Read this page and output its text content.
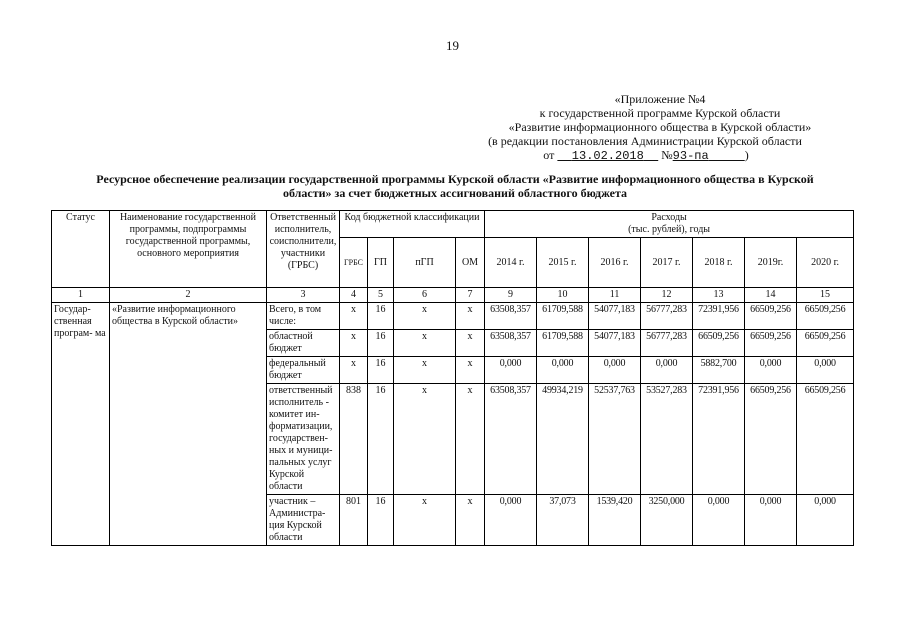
19
«Приложение №4
к государственной программе Курской области
«Развитие информационного общества в Курской области»
(в редакции постановления Администрации Курской области
от 13.02.2018 №93-па	)
Ресурсное обеспечение реализации государственной программы Курской области «Развитие информационного общества в Курской
области» за счет бюджетных ассигнований областного бюджета
Статус	Наименование государственной программы, подпрограммы государственной программы, основного мероприятия	Ответственный исполнитель, соисполнители, участники (ГРБС)	Код бюджетной классификации				Расходы
(тыс. рублей), годы						

			ГРБС	ГП	пГП	ОМ	2014 г.	2015 г.	2016 г.	2017 г.	2018 г.	2019г.	2020 г.
1	2	3	4	5	6	7	9	10	11	12	13	14	15
Государ- ственная програм- ма	«Развитие информационного общества в Курской области»	Всего, в том числе:	x	16	x	x	63508,357	61709,588	54077,183	56777,283	72391,956	66509,256	66509,256
		областной бюджет	x	16	x	x	63508,357	61709,588	54077,183	56777,283	66509,256	66509,256	66509,256
		федеральный бюджет	x	16	x	x	0,000	0,000	0,000	0,000	5882,700	0,000	0,000
		ответственный исполнитель - комитет ин- форматизации, государствен- ных и муници- пальных услуг Курской области	838	16	x	x	63508,357	49934,219	52537,763	53527,283	72391,956	66509,256	66509,256
		участник – Администра- ция Курской области	801	16	x	x	0,000	37,073	1539,420	3250,000	0,000	0,000	0,000
